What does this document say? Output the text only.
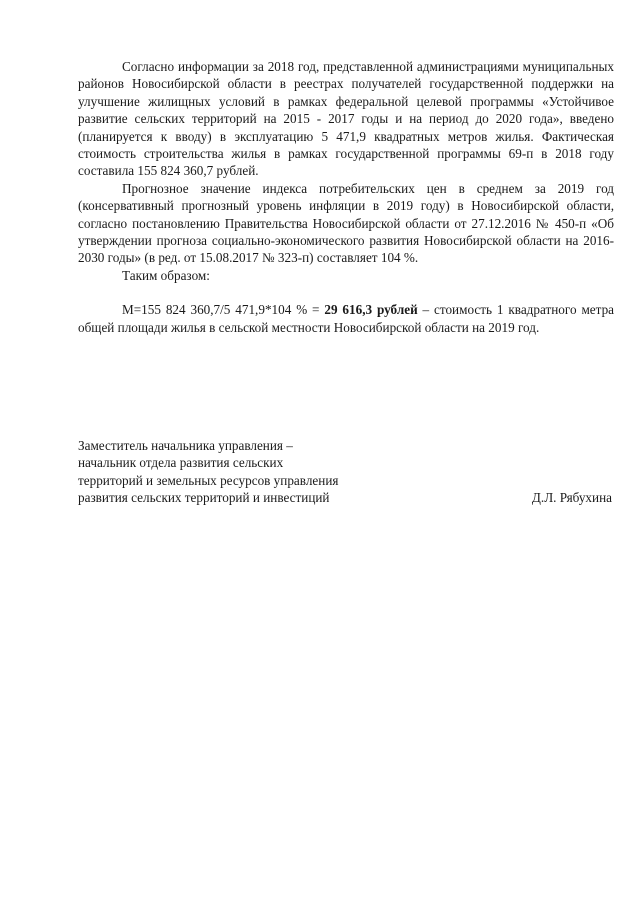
Согласно информации за 2018 год, представленной администрациями муниципальных районов Новосибирской области в реестрах получателей государственной поддержки на улучшение жилищных условий в рамках федеральной целевой программы «Устойчивое развитие сельских территорий на 2015 - 2017 годы и на период до 2020 года», введено (планируется к вводу) в эксплуатацию 5 471,9 квадратных метров жилья. Фактическая стоимость строительства жилья в рамках государственной программы 69-п в 2018 году составила 155 824 360,7 рублей.

Прогнозное значение индекса потребительских цен в среднем за 2019 год (консервативный прогнозный уровень инфляции в 2019 году) в Новосибирской области, согласно постановлению Правительства Новосибирской области от 27.12.2016 № 450-п «Об утверждении прогноза социально-экономического развития Новосибирской области на 2016-2030 годы» (в ред. от 15.08.2017 № 323-п) составляет 104 %.

Таким образом:

М=155 824 360,7/5 471,9*104 % = 29 616,3 рублей – стоимость 1 квадратного метра общей площади жилья в сельской местности Новосибирской области на 2019 год.

Заместитель начальника управления –
начальник отдела развития сельских
территорий и земельных ресурсов управления
развития сельских территорий и инвестиций	Д.Л. Рябухина
